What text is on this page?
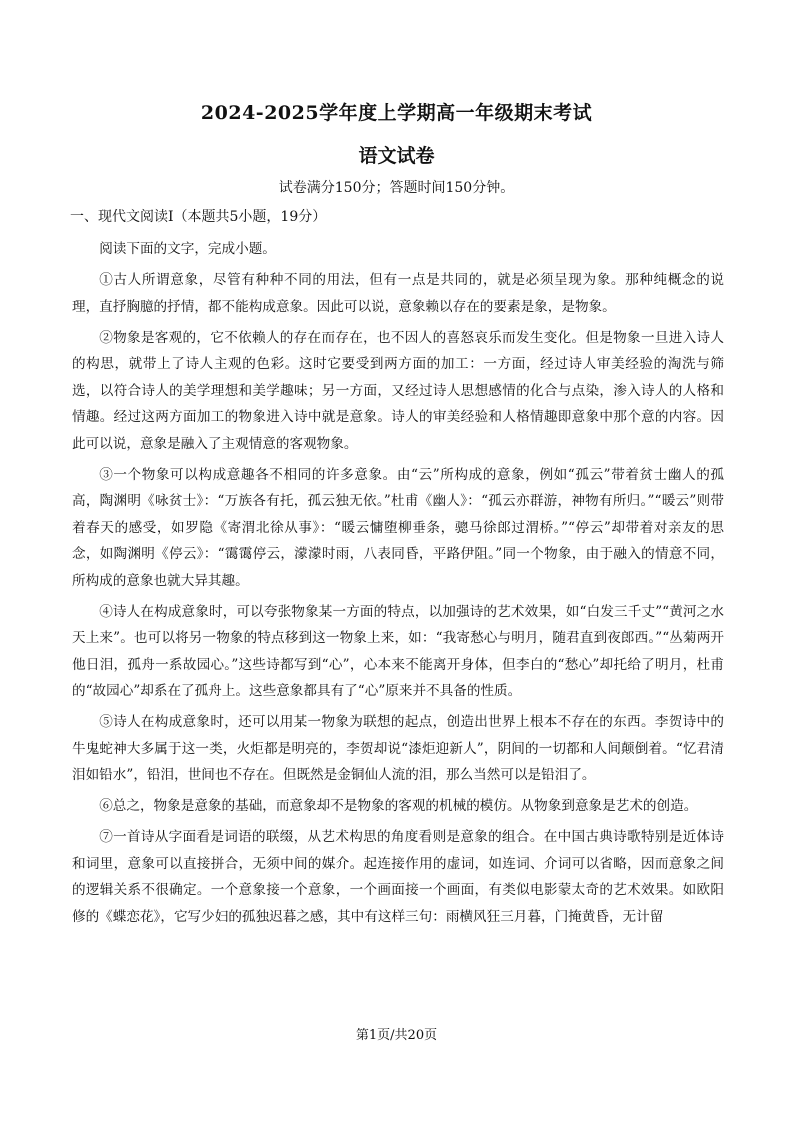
2024-2025学年度上学期高一年级期末考试
语文试卷
试卷满分150分；答题时间150分钟。
一、现代文阅读Ⅰ（本题共5小题，19分）

阅读下面的文字，完成小题。

①古人所谓意象，尽管有种种不同的用法，但有一点是共同的，就是必须呈现为象。那种纯概念的说理，直抒胸臆的抒情，都不能构成意象。因此可以说，意象赖以存在的要素是象，是物象。

②物象是客观的，它不依赖人的存在而存在，也不因人的喜怒哀乐而发生变化。但是物象一旦进入诗人的构思，就带上了诗人主观的色彩。这时它要受到两方面的加工：一方面，经过诗人审美经验的淘洗与筛选，以符合诗人的美学理想和美学趣味；另一方面，又经过诗人思想感情的化合与点染，渗入诗人的人格和情趣。经过这两方面加工的物象进入诗中就是意象。诗人的审美经验和人格情趣即意象中那个意的内容。因此可以说，意象是融入了主观情意的客观物象。

③一个物象可以构成意趣各不相同的许多意象。由“云”所构成的意象，例如“孤云”带着贫士幽人的孤高，陶渊明《咏贫士》：“万族各有托，孤云独无依。”杜甫《幽人》：“孤云亦群游，神物有所归。”“暖云”则带着春天的感受，如罗隐《寄渭北徐从事》：“暖云慵堕柳垂条，骢马徐郎过渭桥。”“停云”却带着对亲友的思念，如陶渊明《停云》：“霭霭停云，濛濛时雨，八表同昏，平路伊阻。”同一个物象，由于融入的情意不同，所构成的意象也就大异其趣。

④诗人在构成意象时，可以夸张物象某一方面的特点，以加强诗的艺术效果，如“白发三千丈”“黄河之水天上来”。也可以将另一物象的特点移到这一物象上来，如：“我寄愁心与明月，随君直到夜郎西。”“丛菊两开他日泪，孤舟一系故园心。”这些诗都写到“心”，心本来不能离开身体，但李白的“愁心”却托给了明月，杜甫的“故园心”却系在了孤舟上。这些意象都具有了“心”原来并不具备的性质。

⑤诗人在构成意象时，还可以用某一物象为联想的起点，创造出世界上根本不存在的东西。李贺诗中的牛鬼蛇神大多属于这一类，火炬都是明亮的，李贺却说“漆炬迎新人”，阴间的一切都和人间颠倒着。“忆君清泪如铅水”，铅泪，世间也不存在。但既然是金铜仙人流的泪，那么当然可以是铅泪了。

⑥总之，物象是意象的基础，而意象却不是物象的客观的机械的模仿。从物象到意象是艺术的创造。

⑦一首诗从字面看是词语的联缀，从艺术构思的角度看则是意象的组合。在中国古典诗歌特别是近体诗和词里，意象可以直接拼合，无须中间的媒介。起连接作用的虚词，如连词、介词可以省略，因而意象之间的逻辑关系不很确定。一个意象接一个意象，一个画面接一个画面，有类似电影蒙太奇的艺术效果。如欧阳修的《蝶恋花》，它写少妇的孤独迟暮之感，其中有这样三句：雨横风狂三月暮，门掩黄昏，无计留

第1页/共20页
